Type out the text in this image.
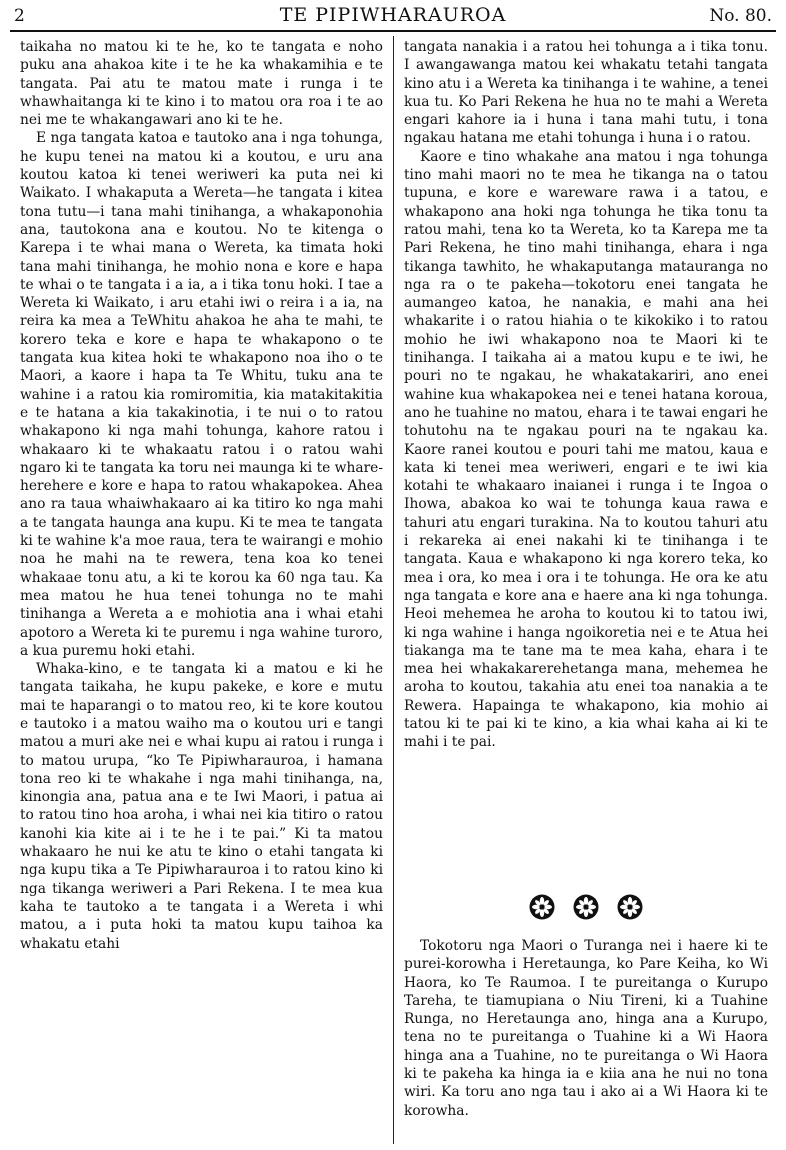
2	TE PIPIWHARAUROA	No. 80.

taikaha no matou ki te he, ko te tangata e noho puku ana ahakoa kite i te he ka whakamihia e te tangata. Pai atu te matou mate i runga i te whawhaitanga ki te kino i to matou ora roa i te ao nei me te whakangawari ano ki te he.

E nga tangata katoa e tautoko ana i nga tohunga, he kupu tenei na matou ki a koutou, e uru ana koutou katoa ki tenei weriweri ka puta nei ki Waikato. I whakaputa a Wereta—he tangata i kitea tona tutu—i tana mahi tinihanga, a whakaponohia ana, tautokona ana e koutou. No te kitenga o Karepa i te whai mana o Wereta, ka timata hoki tana mahi tinihanga, he mohio nona e kore e hapa te whai o te tangata i a ia, a i tika tonu hoki. I tae a Wereta ki Waikato, i aru etahi iwi o reira i a ia, na reira ka mea a TeWhitu ahakoa he aha te mahi, te korero teka e kore e hapa te whakapono o te tangata kua kitea hoki te whakapono noa iho o te Maori, a kaore i hapa ta Te Whitu, tuku ana te wahine i a ratou kia romiromitia, kia matakitakitia e te hatana a kia takakinotia, i te nui o to ratou whakapono ki nga mahi tohunga, kahore ratou i whakaaro ki te whakaatu ratou i o ratou wahi ngaro ki te tangata ka toru nei maunga ki te whare-herehere e kore e hapa to ratou whakapokea. Ahea ano ra taua whaiwhakaaro ai ka titiro ko nga mahi a te tangata haunga ana kupu. Ki te mea te tangata ki te wahine k'a moe raua, tera te wairangi e mohio noa he mahi na te rewera, tena koa ko tenei whakaae tonu atu, a ki te korou ka 60 nga tau. Ka mea matou he hua tenei tohunga no te mahi tinihanga a Wereta a e mohiotia ana i whai etahi apotoro a Wereta ki te puremu i nga wahine turoro, a kua puremu hoki etahi.

Whaka-kino, e te tangata ki a matou e ki he tangata taikaha, he kupu pakeke, e kore e mutu mai te haparangi o to matou reo, ki te kore koutou e tautoko i a matou waiho ma o koutou uri e tangi matou a muri ake nei e whai kupu ai ratou i runga i to matou urupa, “ko Te Pipiwharauroa, i hamana tona reo ki te whakahe i nga mahi tinihanga, na, kinongia ana, patua ana e te Iwi Maori, i patua ai to ratou tino hoa aroha, i whai nei kia titiro o ratou kanohi kia kite ai i te he i te pai.” Ki ta matou whakaaro he nui ke atu te kino o etahi tangata ki nga kupu tika a Te Pipiwharauroa i to ratou kino ki nga tikanga weriweri a Pari Rekena. I te mea kua kaha te tautoko a te tangata i a Wereta i whi matou, a i puta hoki ta matou kupu taihoa ka whakatu etahi

tangata nanakia i a ratou hei tohunga a i tika tonu. I awangawanga matou kei whakatu tetahi tangata kino atu i a Wereta ka tinihanga i te wahine, a tenei kua tu. Ko Pari Rekena he hua no te mahi a Wereta engari kahore ia i huna i tana mahi tutu, i tona ngakau hatana me etahi tohunga i huna i o ratou.

Kaore e tino whakahe ana matou i nga tohunga tino mahi maori no te mea he tikanga na o tatou tupuna, e kore e wareware rawa i a tatou, e whakapono ana hoki nga tohunga he tika tonu ta ratou mahi, tena ko ta Wereta, ko ta Karepa me ta Pari Rekena, he tino mahi tinihanga, ehara i nga tikanga tawhito, he whakaputanga matauranga no nga ra o te pakeha—tokotoru enei tangata he aumangeo katoa, he nanakia, e mahi ana hei whakarite i o ratou hiahia o te kikokiko i to ratou mohio he iwi whakapono noa te Maori ki te tinihanga. I taikaha ai a matou kupu e te iwi, he pouri no te ngakau, he whakatakariri, ano enei wahine kua whakapokea nei e tenei hatana koroua, ano he tuahine no matou, ehara i te tawai engari he tohutohu na te ngakau pouri na te ngakau ka. Kaore ranei koutou e pouri tahi me matou, kaua e kata ki tenei mea weriweri, engari e te iwi kia kotahi te whakaaro inaianei i runga i te Ingoa o Ihowa, abakoa ko wai te tohunga kaua rawa e tahuri atu engari turakina. Na to koutou tahuri atu i rekareka ai enei nakahi ki te tinihanga i te tangata. Kaua e whakapono ki nga korero teka, ko mea i ora, ko mea i ora i te tohunga. He ora ke atu nga tangata e kore ana e haere ana ki nga tohunga. Heoi mehemea he aroha to koutou ki to tatou iwi, ki nga wahine i hanga ngoikoretia nei e te Atua hei tiakanga ma te tane ma te mea kaha, ehara i te mea hei whakakarerehetanga mana, mehemea he aroha to koutou, takahia atu enei toa nanakia a te Rewera. Hapainga te whakapono, kia mohio ai tatou ki te pai ki te kino, a kia whai kaha ai ki te mahi i te pai.

Tokotoru nga Maori o Turanga nei i haere ki te purei-korowha i Heretaunga, ko Pare Keiha, ko Wi Haora, ko Te Raumoa. I te pureitanga o Kurupo Tareha, te tiamupiana o Niu Tireni, ki a Tuahine Runga, no Heretaunga ano, hinga ana a Kurupo, tena no te pureitanga o Tuahine ki a Wi Haora hinga ana a Tuahine, no te pureitanga o Wi Haora ki te pakeha ka hinga ia e kiia ana he nui no tona wiri. Ka toru ano nga tau i ako ai a Wi Haora ki te korowha.
